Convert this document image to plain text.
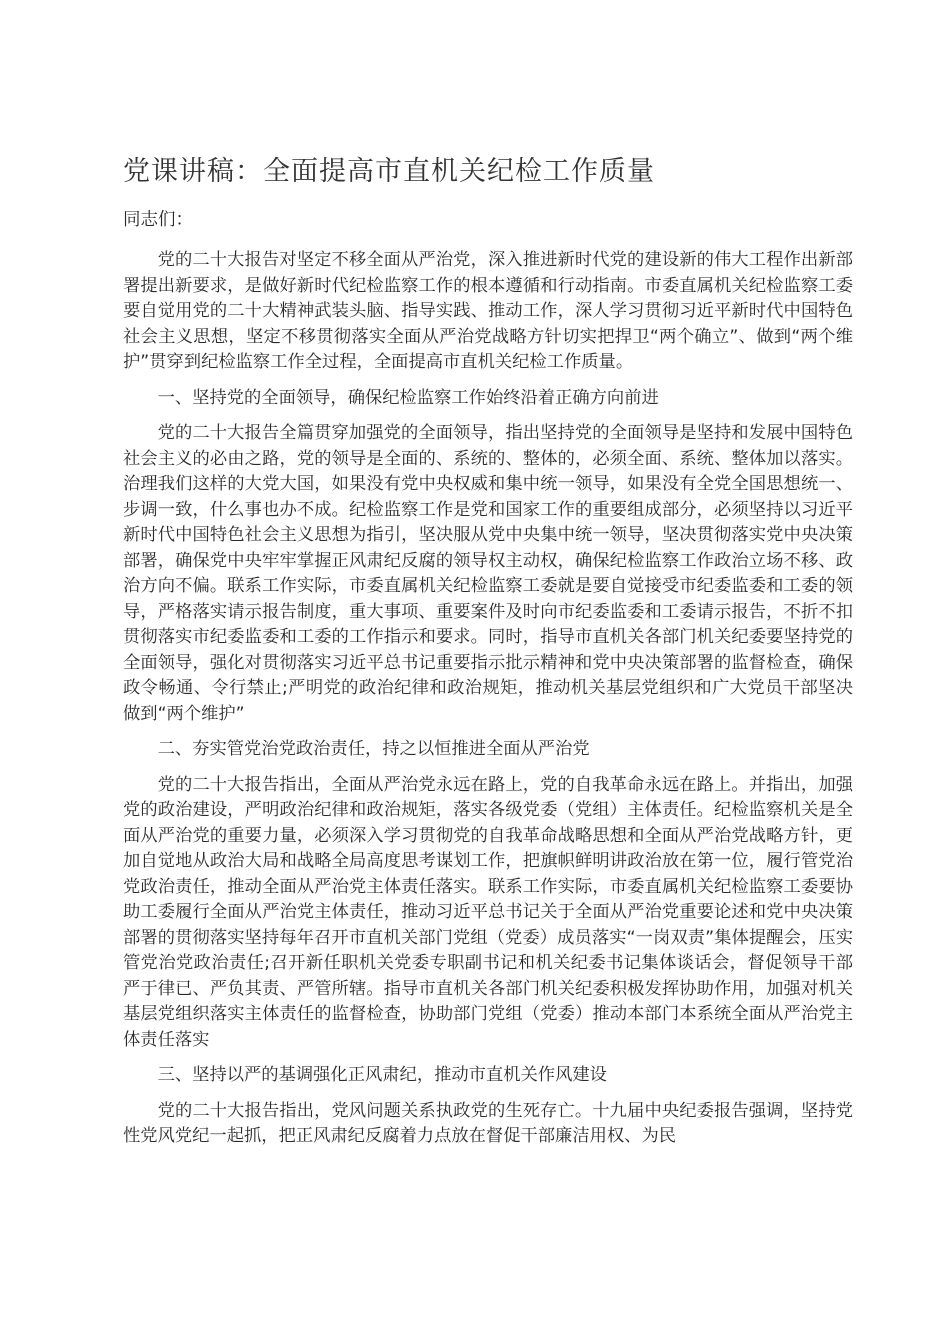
党课讲稿：全面提高市直机关纪检工作质量

同志们：

党的二十大报告对坚定不移全面从严治党，深入推进新时代党的建设新的伟大工程作出新部署提出新要求，是做好新时代纪检监察工作的根本遵循和行动指南。市委直属机关纪检监察工委要自觉用党的二十大精神武装头脑、指导实践、推动工作，深人学习贯彻习近平新时代中国特色社会主义思想，坚定不移贯彻落实全面从严治党战略方针切实把捍卫“两个确立”、做到“两个维护”贯穿到纪检监察工作全过程，全面提高市直机关纪检工作质量。

一、坚持党的全面领导，确保纪检监察工作始终沿着正确方向前进

党的二十大报告全篇贯穿加强党的全面领导，指出坚持党的全面领导是坚持和发展中国特色社会主义的必由之路，党的领导是全面的、系统的、整体的，必须全面、系统、整体加以落实。治理我们这样的大党大国，如果没有党中央权威和集中统一领导，如果没有全党全国思想统一、步调一致，什么事也办不成。纪检监察工作是党和国家工作的重要组成部分，必须坚持以习近平新时代中国特色社会主义思想为指引，坚决服从党中央集中统一领导，坚决贯彻落实党中央决策部署，确保党中央牢牢掌握正风肃纪反腐的领导权主动权，确保纪检监察工作政治立场不移、政治方向不偏。联系工作实际，市委直属机关纪检监察工委就是要自觉接受市纪委监委和工委的领导，严格落实请示报告制度，重大事项、重要案件及时向市纪委监委和工委请示报告，不折不扣贯彻落实市纪委监委和工委的工作指示和要求。同时，指导市直机关各部门机关纪委要坚持党的全面领导，强化对贯彻落实习近平总书记重要指示批示精神和党中央决策部署的监督检查，确保政令畅通、令行禁止;严明党的政治纪律和政治规矩，推动机关基层党组织和广大党员干部坚决做到“两个维护”

二、夯实管党治党政治责任，持之以恒推进全面从严治党

党的二十大报告指出，全面从严治党永远在路上，党的自我革命永远在路上。并指出，加强党的政治建设，严明政治纪律和政治规矩，落实各级党委（党组）主体责任。纪检监察机关是全面从严治党的重要力量，必须深入学习贯彻党的自我革命战略思想和全面从严治党战略方针，更加自觉地从政治大局和战略全局高度思考谋划工作，把旗帜鲜明讲政治放在第一位，履行管党治党政治责任，推动全面从严治党主体责任落实。联系工作实际，市委直属机关纪检监察工委要协助工委履行全面从严治党主体责任，推动习近平总书记关于全面从严治党重要论述和党中央决策部署的贯彻落实坚持每年召开市直机关部门党组（党委）成员落实“一岗双责”集体提醒会，压实管党治党政治责任;召开新任职机关党委专职副书记和机关纪委书记集体谈话会，督促领导干部严于律已、严负其责、严管所辖。指导市直机关各部门机关纪委积极发挥协助作用，加强对机关基层党组织落实主体责任的监督检查，协助部门党组（党委）推动本部门本系统全面从严治党主体责任落实

三、坚持以严的基调强化正风肃纪，推动市直机关作风建设

党的二十大报告指出，党风问题关系执政党的生死存亡。十九届中央纪委报告强调，坚持党性党风党纪一起抓，把正风肃纪反腐着力点放在督促干部廉洁用权、为民
